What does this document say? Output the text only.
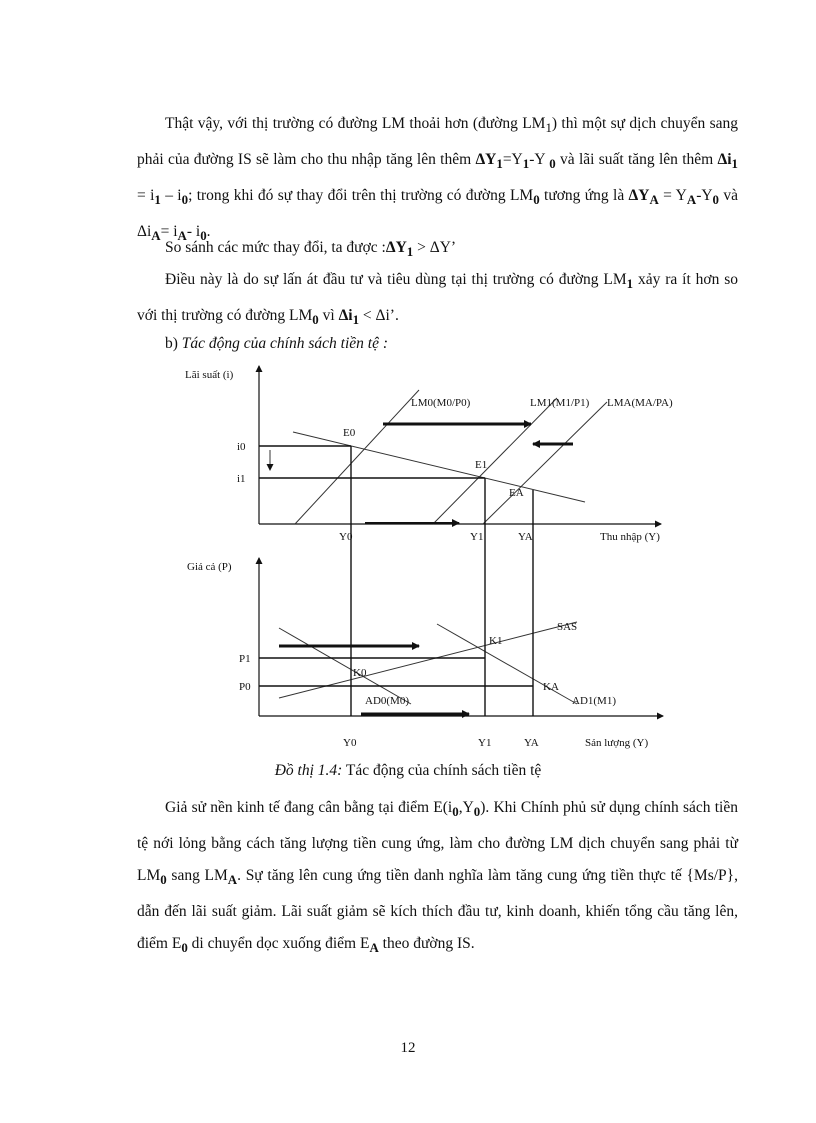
Thật vậy, với thị trường có đường LM thoải hơn (đường $LM_1$) thì một sự dịch chuyển sang phải của đường IS sẽ làm cho thu nhập tăng lên thêm $\Delta Y_1=Y_1-Y$ $_0$ và lãi suất tăng lên thêm $\Delta i_1 = i_1 - i_0$; trong khi đó sự thay đổi trên thị trường có đường $LM_0$ tương ứng là $\Delta Y_A = Y_A-Y_0$ và $\Delta i_A= i_A-$ $i_0$.

So sánh các mức thay đổi, ta được $:\Delta Y_1 > \Delta Y$’

Điều này là do sự lấn át đầu tư và tiêu dùng tại thị trường có đường $LM_1$ xảy ra ít hơn so với thị trường có đường $LM_0$ vì $\Delta i_1 < \Delta i$’.

b) Tác động của chính sách tiền tệ :

Lãi suất (i)
Thu nhập (Y)
LM0(M0/P0)	LM1(M1/P1) LMA(MA/PA)
E0
E1
EA
i0
i1
Y0	Y1	YA
Giá cả (P)
Sản lượng (Y)
SAS
AD0(M0)	AD1(M1)
K0
K1
KA
P1
P0
Y0	Y1	YA
Đồ thị 1.4: Tác động của chính sách tiền tệ

Giả sử nền kinh tế đang cân bằng tại điểm $E(i_0,Y_0)$. Khi Chính phủ sử dụng chính sách tiền tệ nới lỏng bằng cách tăng lượng tiền cung ứng, làm cho đường LM dịch chuyển sang phải từ $LM_0$ sang $LM_A$. Sự tăng lên cung ứng tiền danh nghĩa làm tăng cung ứng tiền thực tế {Ms/P}, dẫn đến lãi suất giảm. Lãi suất giảm sẽ kích thích đầu tư, kinh doanh, khiến tổng cầu tăng lên, điểm $E_0$ di chuyển dọc xuống điểm $E_A$ theo đường IS.

12
